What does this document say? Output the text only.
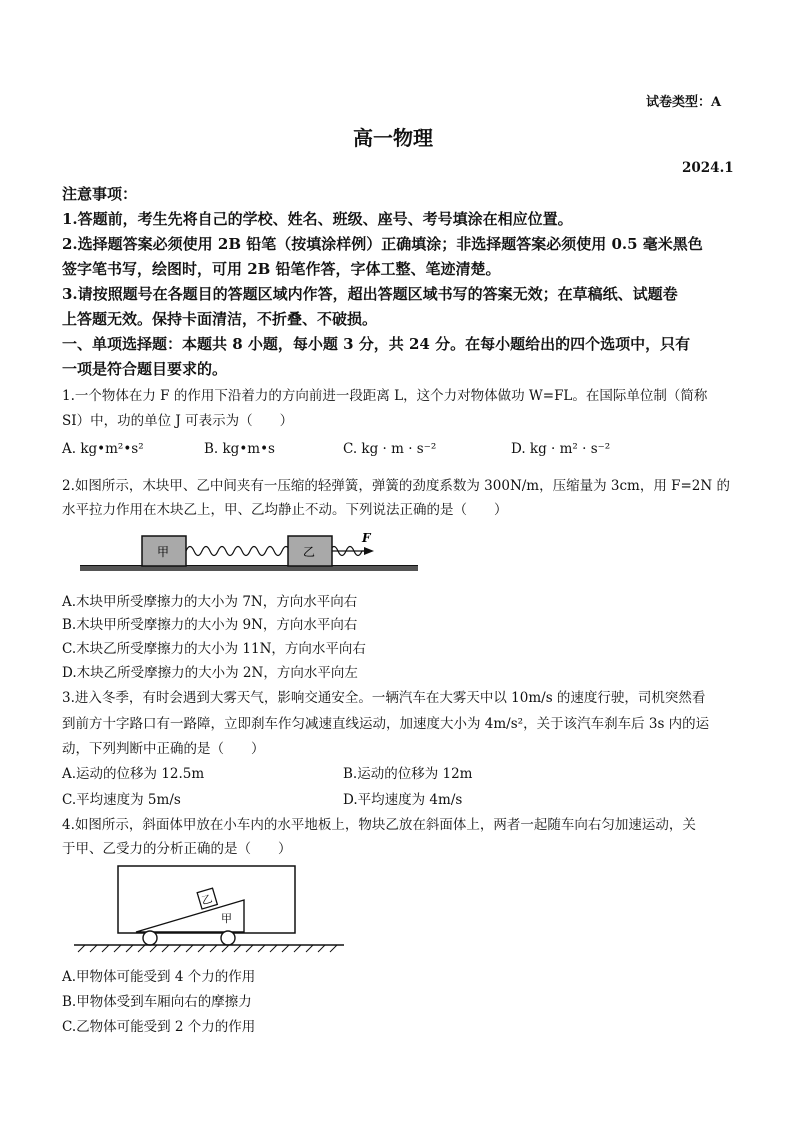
试卷类型：A
高一物理
2024.1
注意事项：
1.答题前，考生先将自己的学校、姓名、班级、座号、考号填涂在相应位置。
2.选择题答案必须使用 2B 铅笔（按填涂样例）正确填涂；非选择题答案必须使用 0.5 毫米黑色
签字笔书写，绘图时，可用 2B 铅笔作答，字体工整、笔迹清楚。
3.请按照题号在各题目的答题区域内作答，超出答题区域书写的答案无效；在草稿纸、试题卷
上答题无效。保持卡面清洁，不折叠、不破损。
一、单项选择题：本题共 8 小题，每小题 3 分，共 24 分。在每小题给出的四个选项中，只有
一项是符合题目要求的。
1.一个物体在力 F 的作用下沿着力的方向前进一段距离 L，这个力对物体做功 W=FL。在国际单位制（简称
SI）中，功的单位 J 可表示为（　　）
A. kg•m²•s²	B. kg•m•s	C. kg · m · s⁻²	D. kg · m² · s⁻²
2.如图所示，木块甲、乙中间夹有一压缩的轻弹簧，弹簧的劲度系数为 300N/m，压缩量为 3cm，用 F=2N 的
水平拉力作用在木块乙上，甲、乙均静止不动。下列说法正确的是（　　）
甲	乙
F
A.木块甲所受摩擦力的大小为 7N，方向水平向右
B.木块甲所受摩擦力的大小为 9N，方向水平向右
C.木块乙所受摩擦力的大小为 11N，方向水平向右
D.木块乙所受摩擦力的大小为 2N，方向水平向左
3.进入冬季，有时会遇到大雾天气，影响交通安全。一辆汽车在大雾天中以 10m/s 的速度行驶，司机突然看
到前方十字路口有一路障，立即刹车作匀减速直线运动，加速度大小为 4m/s²，关于该汽车刹车后 3s 内的运
动，下列判断中正确的是（　　）
A.运动的位移为 12.5m	B.运动的位移为 12m
C.平均速度为 5m/s	D.平均速度为 4m/s
4.如图所示，斜面体甲放在小车内的水平地板上，物块乙放在斜面体上，两者一起随车向右匀加速运动，关
于甲、乙受力的分析正确的是（　　）
甲
乙
A.甲物体可能受到 4 个力的作用
B.甲物体受到车厢向右的摩擦力
C.乙物体可能受到 2 个力的作用
